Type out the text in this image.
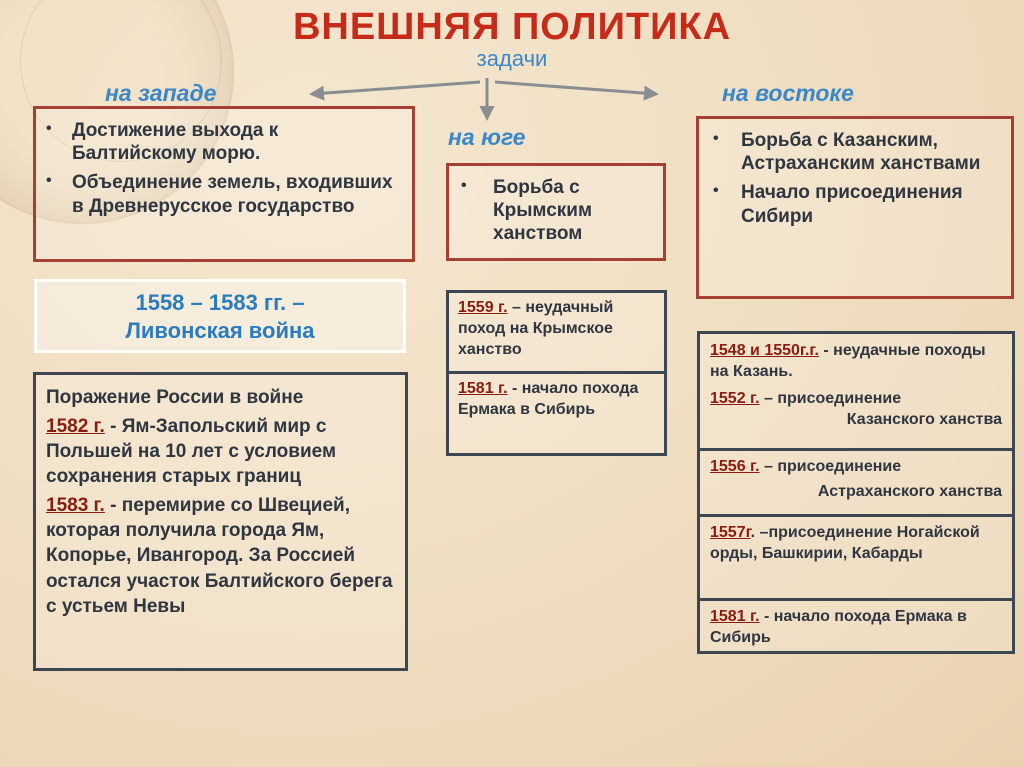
ВНЕШНЯЯ ПОЛИТИКА
задачи
на западе
на юге
на востоке
• Достижение выхода к Балтийскому морю.
• Объединение земель, входивших в Древнерусское государство
1558 – 1583 гг. –
Ливонская война
Поражение России в войне
1582 г. - Ям-Запольский мир с Польшей на 10 лет с условием сохранения старых границ
1583 г. - перемирие со Швецией, которая получила города Ям, Копорье, Ивангород. За Россией остался участок Балтийского берега с устьем Невы
• Борьба с Крымским ханством
1559 г. – неудачный поход на Крымское ханство
1581 г. - начало похода Ермака в Сибирь
• Борьба с Казанским, Астраханским ханствами
• Начало присоединения Сибири
1548 и 1550г.г. - неудачные походы на Казань.
1552 г. – присоединение
Казанского ханства
1556 г. – присоединение
Астраханского ханства
1557г. –присоединение Ногайской орды, Башкирии, Кабарды
1581 г. - начало похода Ермака в Сибирь
